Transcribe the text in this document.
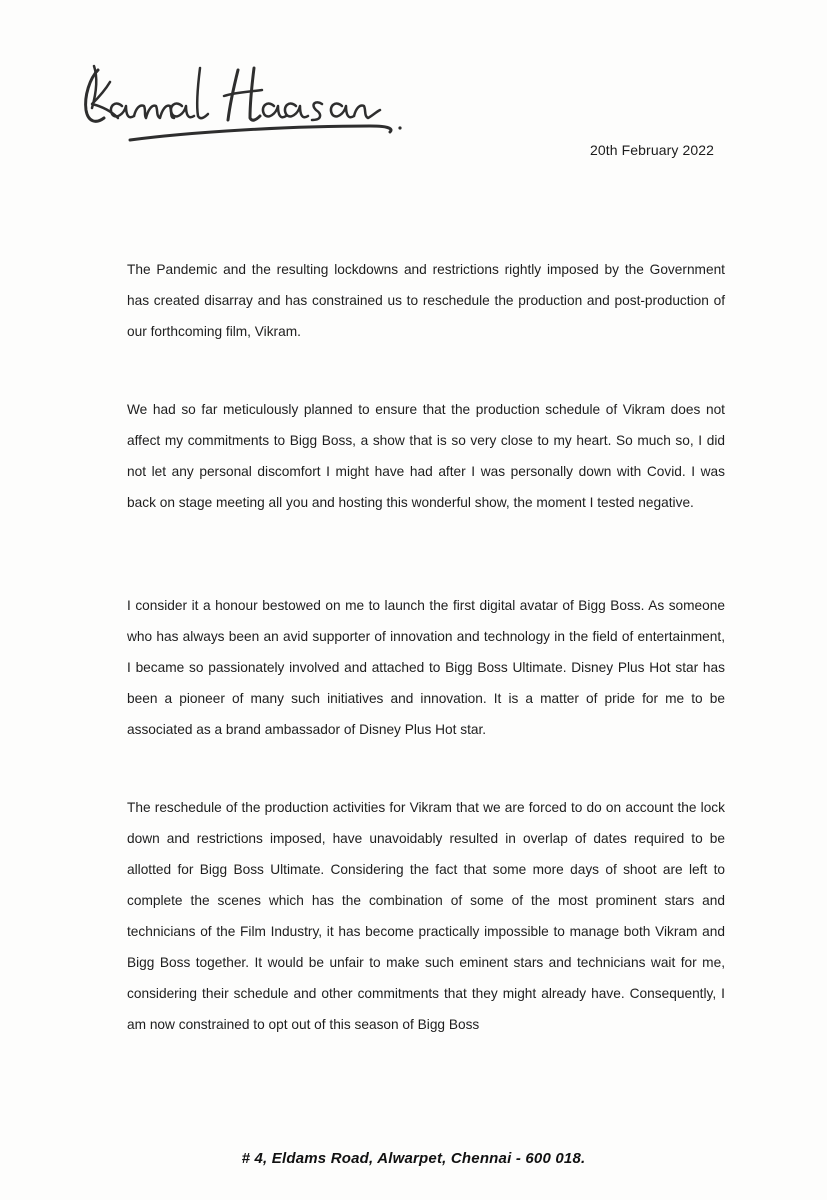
20th February 2022

The Pandemic and the resulting lockdowns and restrictions rightly imposed by the Government has created disarray and has constrained us to reschedule the production and post-production of our forthcoming film, Vikram.

We had so far meticulously planned to ensure that the production schedule of Vikram does not affect my commitments to Bigg Boss, a show that is so very close to my heart. So much so, I did not let any personal discomfort I might have had after I was personally down with Covid. I was back on stage meeting all you and hosting this wonderful show, the moment I tested negative.

I consider it a honour bestowed on me to launch the first digital avatar of Bigg Boss. As someone who has always been an avid supporter of innovation and technology in the field of entertainment, I became so passionately involved and attached to Bigg Boss Ultimate. Disney Plus Hot star has been a pioneer of many such initiatives and innovation. It is a matter of pride for me to be associated as a brand ambassador of Disney Plus Hot star.

The reschedule of the production activities for Vikram that we are forced to do on account the lock down and restrictions imposed, have unavoidably resulted in overlap of dates required to be allotted for Bigg Boss Ultimate. Considering the fact that some more days of shoot are left to complete the scenes which has the combination of some of the most prominent stars and technicians of the Film Industry, it has become practically impossible to manage both Vikram and Bigg Boss together. It would be unfair to make such eminent stars and technicians wait for me, considering their schedule and other commitments that they might already have. Consequently, I am now constrained to opt out of this season of Bigg Boss

# 4, Eldams Road, Alwarpet, Chennai - 600 018.
